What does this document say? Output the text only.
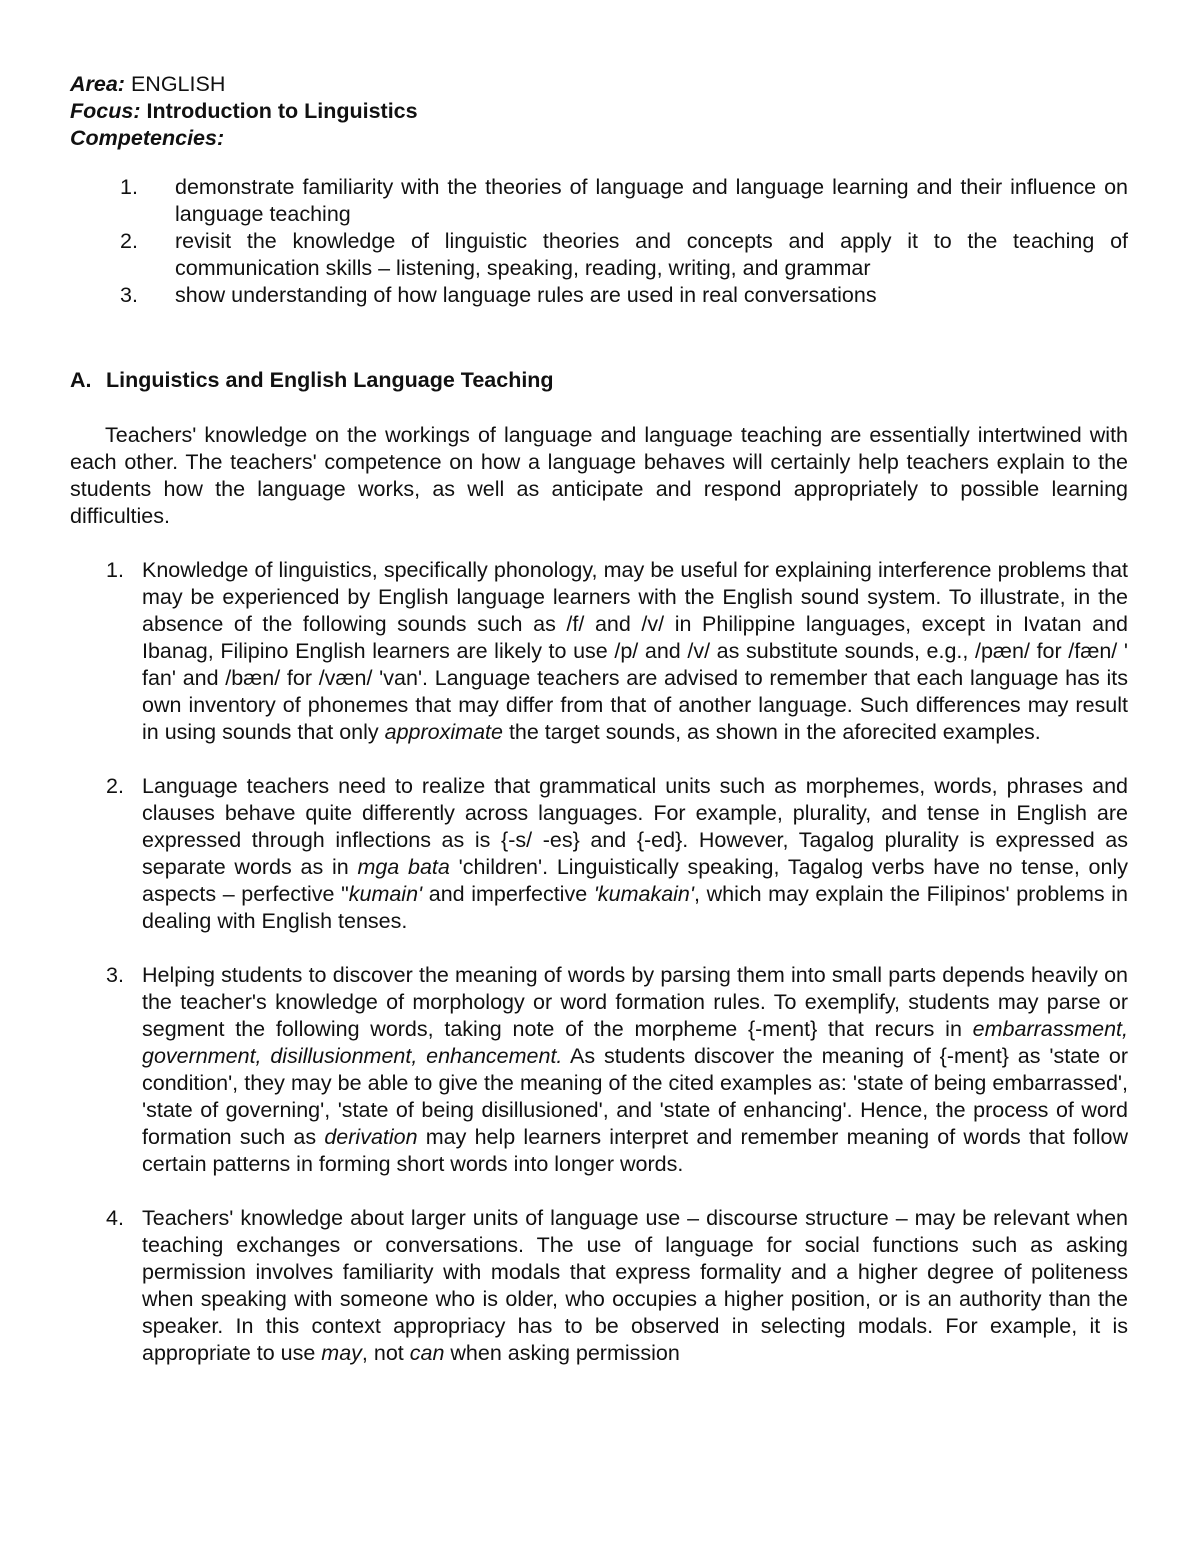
Area: ENGLISH

Focus: Introduction to Linguistics

Competencies:

1. demonstrate familiarity with the theories of language and language learning and their influence on language teaching
2. revisit the knowledge of linguistic theories and concepts and apply it to the teaching of communication skills – listening, speaking, reading, writing, and grammar
3. show understanding of how language rules are used in real conversations
A. Linguistics and English Language Teaching

Teachers' knowledge on the workings of language and language teaching are essentially intertwined with each other. The teachers' competence on how a language behaves will certainly help teachers explain to the students how the language works, as well as anticipate and respond appropriately to possible learning difficulties.

1. Knowledge of linguistics, specifically phonology, may be useful for explaining interference problems that may be experienced by English language learners with the English sound system. To illustrate, in the absence of the following sounds such as /f/ and /v/ in Philippine languages, except in Ivatan and Ibanag, Filipino English learners are likely to use /p/ and /v/ as substitute sounds, e.g., /pæn/ for /fæn/ ' fan' and /bæn/ for /væn/ 'van'. Language teachers are advised to remember that each language has its own inventory of phonemes that may differ from that of another language. Such differences may result in using sounds that only approximate the target sounds, as shown in the aforecited examples.
2. Language teachers need to realize that grammatical units such as morphemes, words, phrases and clauses behave quite differently across languages. For example, plurality, and tense in English are expressed through inflections as is {-s/ -es} and {-ed}. However, Tagalog plurality is expressed as separate words as in mga bata 'children'. Linguistically speaking, Tagalog verbs have no tense, only aspects – perfective "kumain' and imperfective 'kumakain', which may explain the Filipinos' problems in dealing with English tenses.
3. Helping students to discover the meaning of words by parsing them into small parts depends heavily on the teacher's knowledge of morphology or word formation rules. To exemplify, students may parse or segment the following words, taking note of the morpheme {-ment} that recurs in embarrassment, government, disillusionment, enhancement. As students discover the meaning of {-ment} as 'state or condition', they may be able to give the meaning of the cited examples as: 'state of being embarrassed', 'state of governing', 'state of being disillusioned', and 'state of enhancing'. Hence, the process of word formation such as derivation may help learners interpret and remember meaning of words that follow certain patterns in forming short words into longer words.
4. Teachers' knowledge about larger units of language use – discourse structure – may be relevant when teaching exchanges or conversations. The use of language for social functions such as asking permission involves familiarity with modals that express formality and a higher degree of politeness when speaking with someone who is older, who occupies a higher position, or is an authority than the speaker. In this context appropriacy has to be observed in selecting modals. For example, it is appropriate to use may, not can when asking permission
